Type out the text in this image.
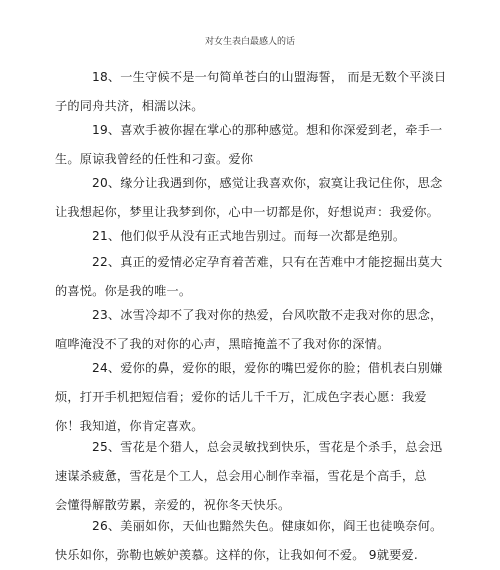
对女生表白最感人的话
18、一生守候不是一句简单苍白的山盟海誓， 而是无数个平淡日
子的同舟共济，相濡以沫。
19、喜欢手被你握在掌心的那种感觉。想和你深爱到老，牵手一
生。原谅我曾经的任性和刁蛮。爱你
20、缘分让我遇到你，感觉让我喜欢你，寂寞让我记住你，思念
让我想起你，梦里让我梦到你，心中一切都是你，好想说声：我爱你。
21、他们似乎从没有正式地告别过。而每一次都是绝别。
22、真正的爱情必定孕育着苦难，只有在苦难中才能挖掘出莫大
的喜悦。你是我的唯一。
23、冰雪冷却不了我对你的热爱，台风吹散不走我对你的思念，
喧哗淹没不了我的对你的心声，黑暗掩盖不了我对你的深情。
24、爱你的鼻，爱你的眼，爱你的嘴巴爱你的脸；借机表白别嫌
烦，打开手机把短信看；爱你的话儿千千万，汇成色字表心愿：我爱
你！我知道，你肯定喜欢。
25、雪花是个猎人，总会灵敏找到快乐，雪花是个杀手，总会迅
速谋杀疲惫，雪花是个工人，总会用心制作幸福，雪花是个高手，总
会懂得解散劳累，亲爱的，祝你冬天快乐。
26、美丽如你，天仙也黯然失色。健康如你，阎王也徒唤奈何。
快乐如你，弥勒也嫉妒羡慕。这样的你，让我如何不爱。 9就要爱.
